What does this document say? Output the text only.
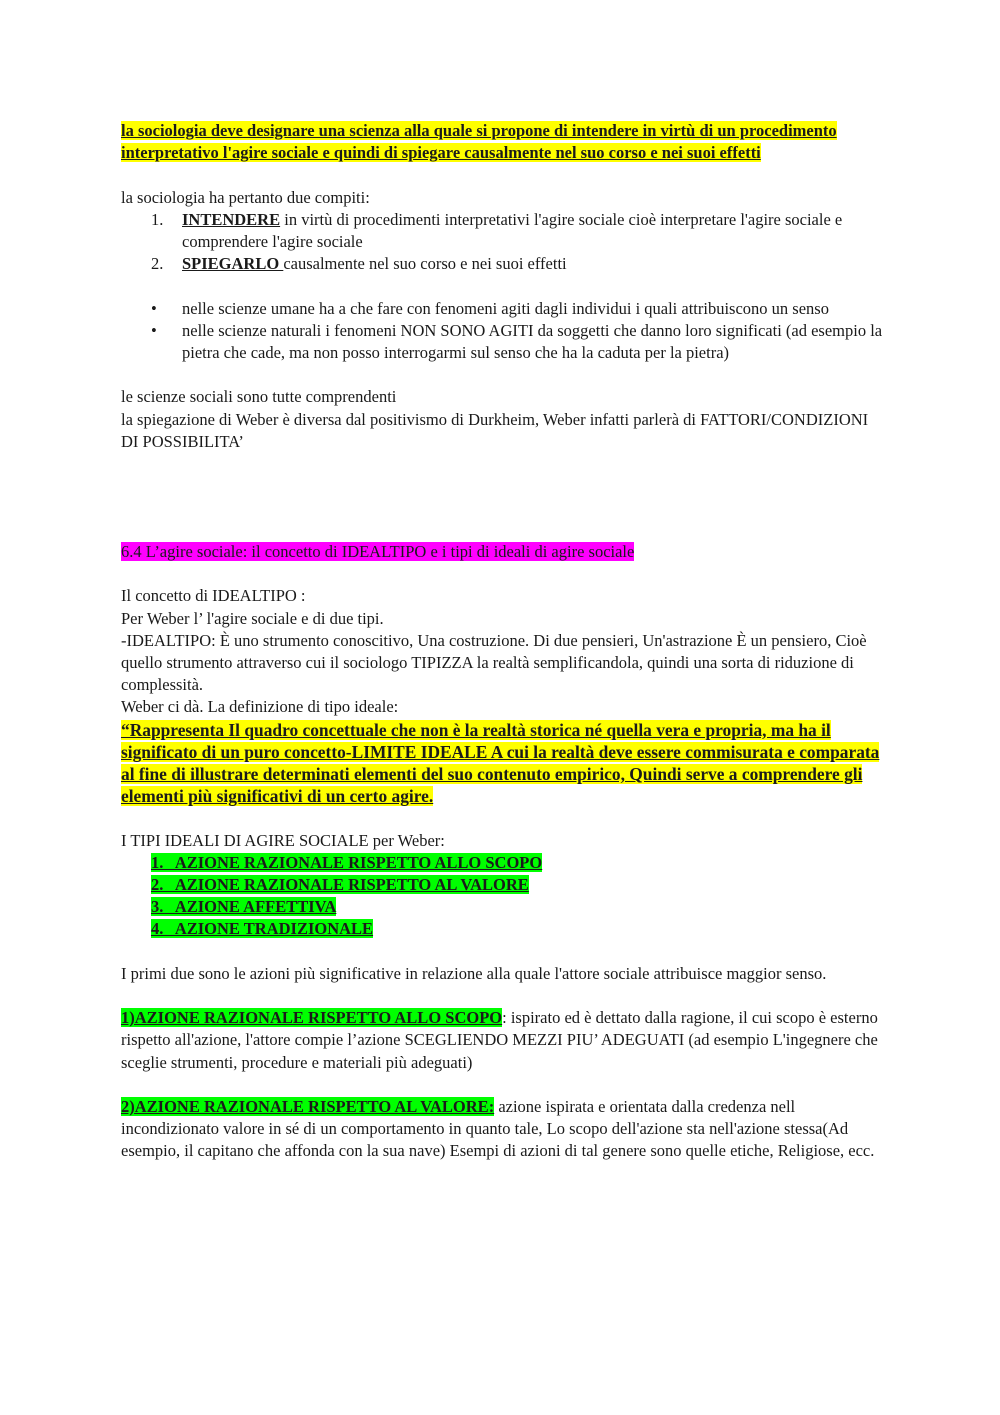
la sociologia deve designare una scienza alla quale si propone di intendere in virtù di un procedimento interpretativo l'agire sociale e quindi di spiegare causalmente nel suo corso e nei suoi effetti

la sociologia ha pertanto due compiti:

1. INTENDERE in virtù di procedimenti interpretativi l'agire sociale cioè interpretare l'agire sociale e comprendere l'agire sociale
2. SPIEGARLO causalmente nel suo corso e nei suoi effetti
• nelle scienze umane ha a che fare con fenomeni agiti dagli individui i quali attribuiscono un senso
• nelle scienze naturali i fenomeni NON SONO AGITI da soggetti che danno loro significati (ad esempio la pietra che cade, ma non posso interrogarmi sul senso che ha la caduta per la pietra)

le scienze sociali sono tutte comprendenti

la spiegazione di Weber è diversa dal positivismo di Durkheim, Weber infatti parlerà di FATTORI/CONDIZIONI DI POSSIBILITA’

6.4 L’agire sociale: il concetto di IDEALTIPO e i tipi di ideali di agire sociale

Il concetto di IDEALTIPO :

Per Weber l’ l'agire sociale e di due tipi.

-IDEALTIPO: È uno strumento conoscitivo, Una costruzione. Di due pensieri, Un'astrazione È un pensiero, Cioè quello strumento attraverso cui il sociologo TIPIZZA la realtà semplificandola, quindi una sorta di riduzione di complessità.

Weber ci dà. La definizione di tipo ideale:

“Rappresenta Il quadro concettuale che non è la realtà storica né quella vera e propria, ma ha il significato di un puro concetto-LIMITE IDEALE A cui la realtà deve essere commisurata e comparata al fine di illustrare determinati elementi del suo contenuto empirico, Quindi serve a comprendere gli elementi più significativi di un certo agire.

I TIPI IDEALI DI AGIRE SOCIALE per Weber:

1.   AZIONE RAZIONALE RISPETTO ALLO SCOPO
2.   AZIONE RAZIONALE RISPETTO AL VALORE
3.   AZIONE AFFETTIVA
4.   AZIONE TRADIZIONALE

I primi due sono le azioni più significative in relazione alla quale l'attore sociale attribuisce maggior senso.

1)AZIONE RAZIONALE RISPETTO ALLO SCOPO: ispirato ed è dettato dalla ragione, il cui scopo è esterno rispetto all'azione, l'attore compie l’azione SCEGLIENDO MEZZI PIU’ ADEGUATI (ad esempio L'ingegnere che sceglie strumenti, procedure e materiali più adeguati)

2)AZIONE RAZIONALE RISPETTO AL VALORE: azione ispirata e orientata dalla credenza nell incondizionato valore in sé di un comportamento in quanto tale, Lo scopo dell'azione sta nell'azione stessa(Ad esempio, il capitano che affonda con la sua nave) Esempi di azioni di tal genere sono quelle etiche, Religiose, ecc.
